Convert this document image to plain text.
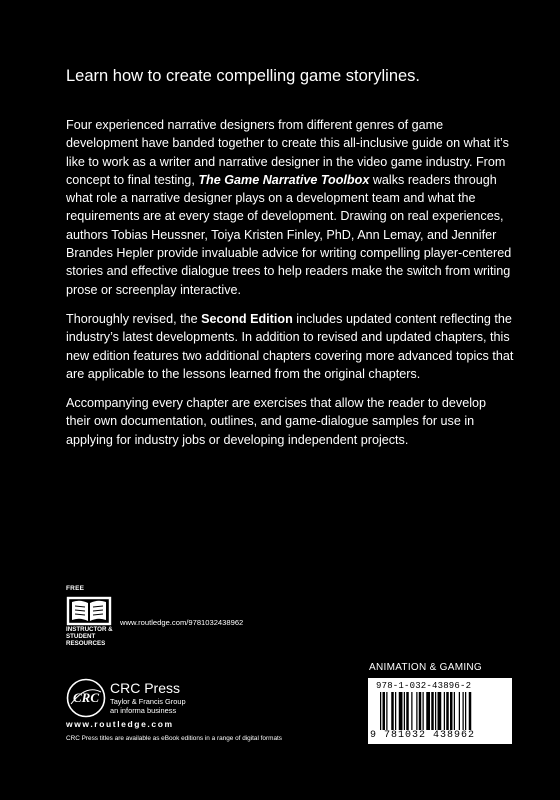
Learn how to create compelling game storylines.

Four experienced narrative designers from different genres of game development have banded together to create this all-inclusive guide on what it’s like to work as a writer and narrative designer in the video game industry. From concept to final testing, The Game Narrative Toolbox walks readers through what role a narrative designer plays on a development team and what the requirements are at every stage of development. Drawing on real experiences, authors Tobias Heussner, Toiya Kristen Finley, PhD, Ann Lemay, and Jennifer Brandes Hepler provide invaluable advice for writing compelling player-centered stories and effective dialogue trees to help readers make the switch from writing prose or screenplay interactive.

Thoroughly revised, the Second Edition includes updated content reflecting the industry’s latest developments. In addition to revised and updated chapters, this new edition features two additional chapters covering more advanced topics that are applicable to the lessons learned from the original chapters.

Accompanying every chapter are exercises that allow the reader to develop their own documentation, outlines, and game-dialogue samples for use in applying for industry jobs or developing independent projects.

FREE
INSTRUCTOR & STUDENT RESOURCES
www.routledge.com/9781032438962
CRC
CRC Press
Taylor & Francis Group
an informa business
www.routledge.com
CRC Press titles are available as eBook editions in a range of digital formats
ANIMATION & GAMING
978-1-032-43896-2
9 781032 438962
